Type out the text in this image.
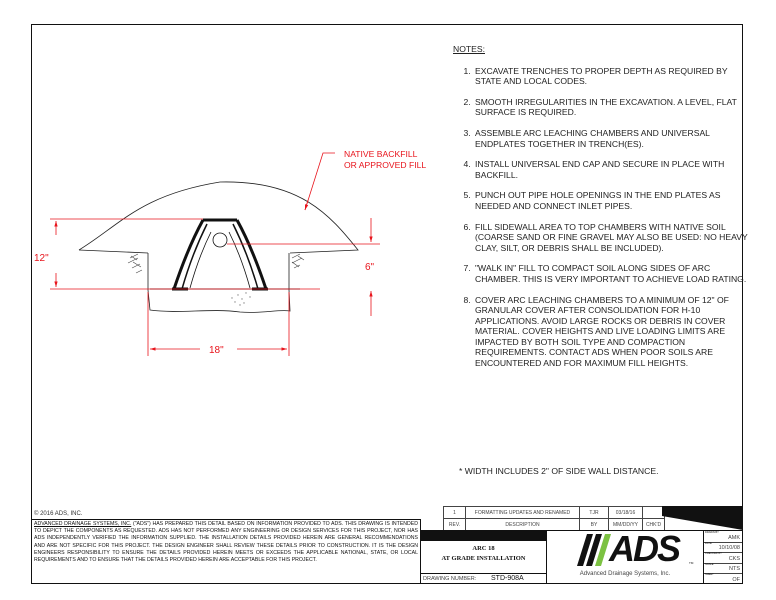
12"
6"
18"
NATIVE BACKFILL
OR APPROVED FILL
NOTES:
1. EXCAVATE TRENCHES TO PROPER DEPTH AS REQUIRED BY STATE AND LOCAL CODES.
2. SMOOTH IRREGULARITIES IN THE EXCAVATION. A LEVEL, FLAT SURFACE IS REQUIRED.
3. ASSEMBLE ARC LEACHING CHAMBERS AND UNIVERSAL ENDPLATES TOGETHER IN TRENCH(ES).
4. INSTALL UNIVERSAL END CAP AND SECURE IN PLACE WITH BACKFILL.
5. PUNCH OUT PIPE HOLE OPENINGS IN THE END PLATES AS NEEDED AND CONNECT INLET PIPES.
6. FILL SIDEWALL AREA TO TOP CHAMBERS WITH NATIVE SOIL (COARSE SAND OR FINE GRAVEL MAY ALSO BE USED: NO HEAVY CLAY, SILT, OR DEBRIS SHALL BE INCLUDED).
7. "WALK IN" FILL TO COMPACT SOIL ALONG SIDES OF ARC CHAMBER. THIS IS VERY IMPORTANT TO ACHIEVE LOAD RATING.
8. COVER ARC LEACHING CHAMBERS TO A MINIMUM OF 12" OF GRANULAR COVER AFTER CONSOLIDATION FOR H-10 APPLICATIONS. AVOID LARGE ROCKS OR DEBRIS IN COVER MATERIAL. COVER HEIGHTS AND LIVE LOADING LIMITS ARE IMPACTED BY BOTH SOIL TYPE AND COMPACTION REQUIREMENTS. CONTACT ADS WHEN POOR SOILS ARE ENCOUNTERED AND FOR MAXIMUM FILL HEIGHTS.
* WIDTH INCLUDES 2" OF SIDE WALL DISTANCE.
© 2016 ADS, INC.
ADVANCED DRAINAGE SYSTEMS, INC. ("ADS") HAS PREPARED THIS DETAIL BASED ON INFORMATION PROVIDED TO ADS. THIS DRAWING IS INTENDED TO DEPICT THE COMPONENTS AS REQUESTED. ADS HAS NOT PERFORMED ANY ENGINEERING OR DESIGN SERVICES FOR THIS PROJECT, NOR HAS ADS INDEPENDENTLY VERIFIED THE INFORMATION SUPPLIED. THE INSTALLATION DETAILS PROVIDED HEREIN ARE GENERAL RECOMMENDATIONS AND ARE NOT SPECIFIC FOR THIS PROJECT. THE DESIGN ENGINEER SHALL REVIEW THESE DETAILS PRIOR TO CONSTRUCTION. IT IS THE DESIGN ENGINEERS RESPONSIBILITY TO ENSURE THE DETAILS PROVIDED HEREIN MEETS OR EXCEEDS THE APPLICABLE NATIONAL, STATE, OR LOCAL REQUIREMENTS AND TO ENSURE THAT THE DETAILS PROVIDED HEREIN ARE ACCEPTABLE FOR THIS PROJECT.
1	FORMATTING UPDATES AND RENAMED	TJR	03/18/16	
REV.	DESCRIPTION	BY	MM/DD/YY	CHK'D
ARC 18
AT GRADE INSTALLATION
DRAWING NUMBER: STD-908A
ADS	TM
Advanced Drainage Systems, Inc.
DRAWN BY
AMK
DATE
10/10/08
CHECKED BY
CKS
SCALE
NTS
SHEET
OF
